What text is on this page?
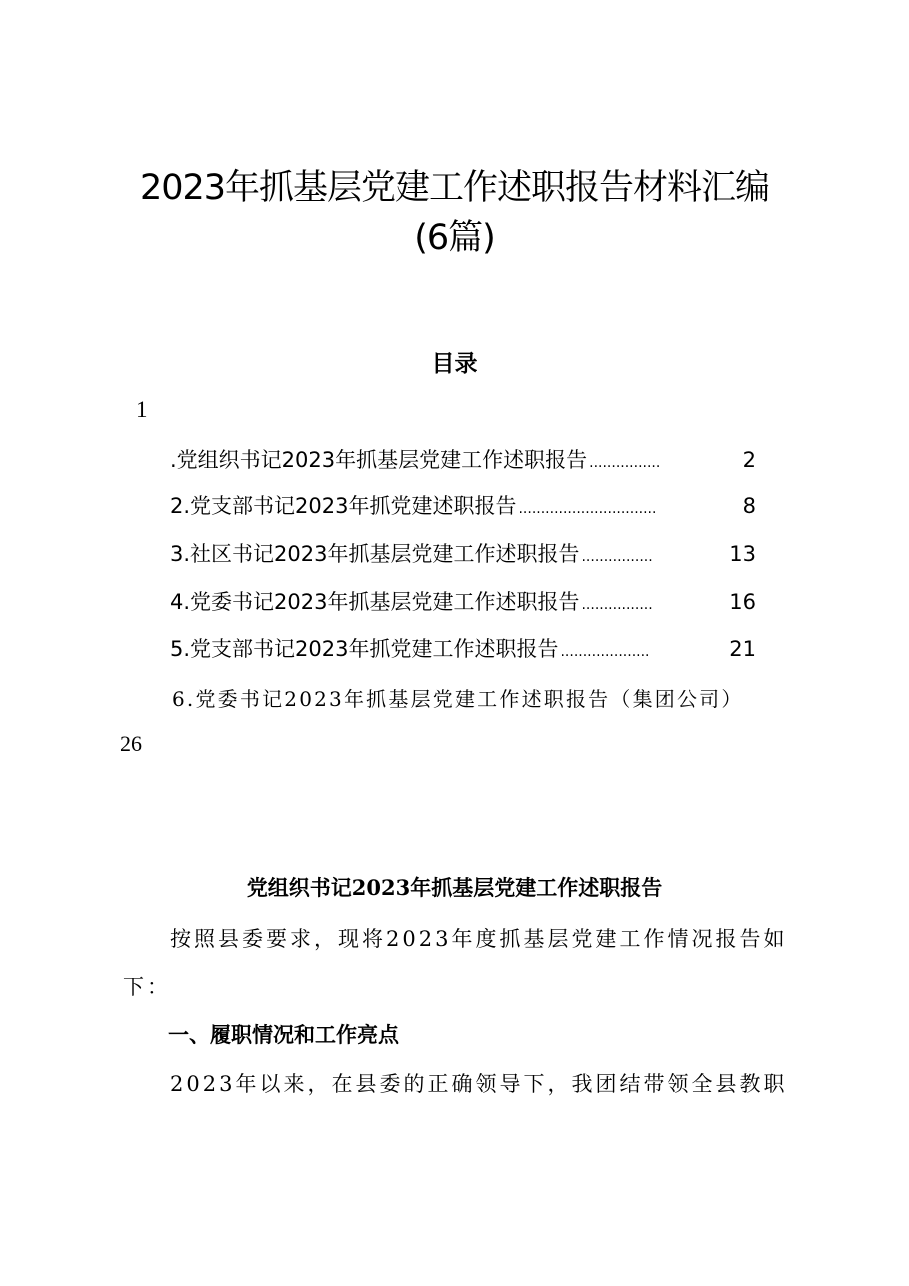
2023年抓基层党建工作述职报告材料汇编
(6篇)
目录
1
.党组织书记2023年抓基层党建工作述职报告 ................	2
2.党支部书记2023年抓党建述职报告 ...............................	8
3.社区书记2023年抓基层党建工作述职报告 ................	13
4.党委书记2023年抓基层党建工作述职报告 ................	16
5.党支部书记2023年抓党建工作述职报告 ....................	21
6.党委书记2023年抓基层党建工作述职报告（集团公司）
26
党组织书记2023年抓基层党建工作述职报告
按照县委要求，现将2023年度抓基层党建工作情况报告如
下：
一、履职情况和工作亮点
2023年以来，在县委的正确领导下，我团结带领全县教职
